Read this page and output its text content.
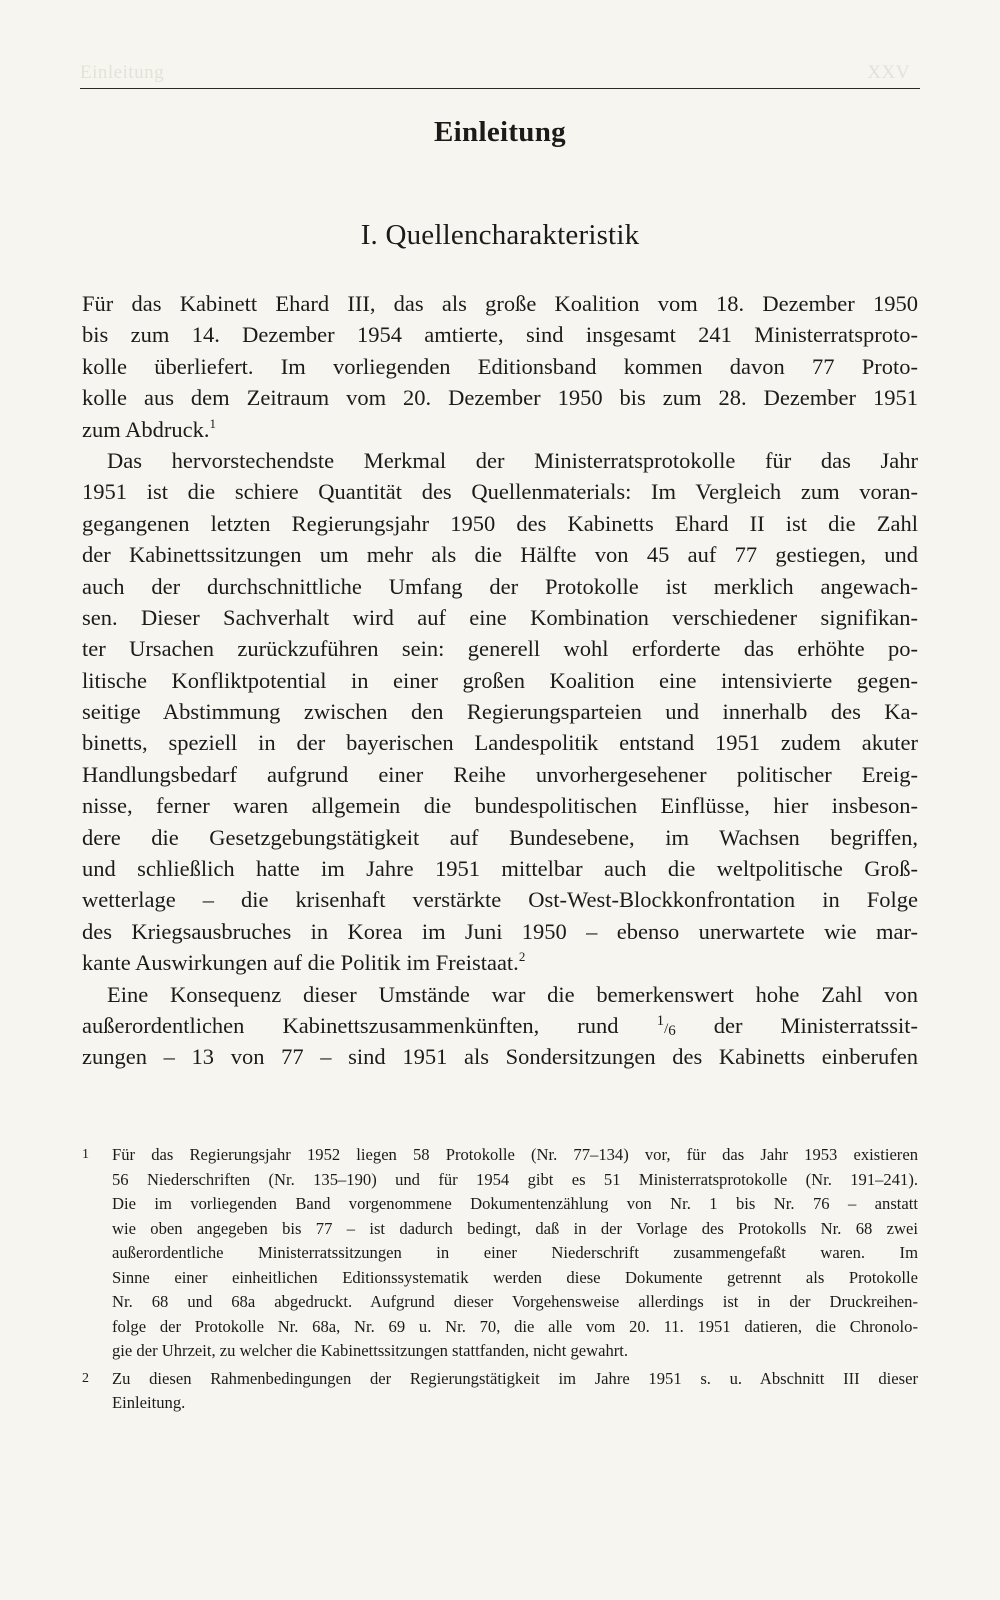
Einleitung	XXV
Einleitung
I. Quellencharakteristik
Für das Kabinett Ehard III, das als große Koalition vom 18. Dezember 1950
bis zum 14. Dezember 1954 amtierte, sind insgesamt 241 Ministerratsproto-
kolle überliefert. Im vorliegenden Editionsband kommen davon 77 Proto-
kolle aus dem Zeitraum vom 20. Dezember 1950 bis zum 28. Dezember 1951
zum Abdruck.$^1$
Das hervorstechendste Merkmal der Ministerratsprotokolle für das Jahr
1951 ist die schiere Quantität des Quellenmaterials: Im Vergleich zum voran-
gegangenen letzten Regierungsjahr 1950 des Kabinetts Ehard II ist die Zahl
der Kabinettssitzungen um mehr als die Hälfte von 45 auf 77 gestiegen, und
auch der durchschnittliche Umfang der Protokolle ist merklich angewach-
sen. Dieser Sachverhalt wird auf eine Kombination verschiedener signifikan-
ter Ursachen zurückzuführen sein: generell wohl erforderte das erhöhte po-
litische Konfliktpotential in einer großen Koalition eine intensivierte gegen-
seitige Abstimmung zwischen den Regierungsparteien und innerhalb des Ka-
binetts, speziell in der bayerischen Landespolitik entstand 1951 zudem akuter
Handlungsbedarf aufgrund einer Reihe unvorhergesehener politischer Ereig-
nisse, ferner waren allgemein die bundespolitischen Einflüsse, hier insbeson-
dere die Gesetzgebungstätigkeit auf Bundesebene, im Wachsen begriffen,
und schließlich hatte im Jahre 1951 mittelbar auch die weltpolitische Groß-
wetterlage – die krisenhaft verstärkte Ost-West-Blockkonfrontation in Folge
des Kriegsausbruches in Korea im Juni 1950 – ebenso unerwartete wie mar-
kante Auswirkungen auf die Politik im Freistaat.$^2$
Eine Konsequenz dieser Umstände war die bemerkenswert hohe Zahl von
außerordentlichen Kabinettszusammenkünften, rund	1/6 der Ministerratssit-
zungen – 13 von 77 – sind 1951 als Sondersitzungen des Kabinetts einberufen
1 Für das Regierungsjahr 1952 liegen 58 Protokolle (Nr. 77–134) vor, für das Jahr 1953 existieren
56 Niederschriften (Nr. 135–190) und für 1954 gibt es 51 Ministerratsprotokolle (Nr. 191–241).
Die im vorliegenden Band vorgenommene Dokumentenzählung von Nr. 1 bis Nr. 76 – anstatt
wie oben angegeben bis 77 – ist dadurch bedingt, daß in der Vorlage des Protokolls Nr. 68 zwei
außerordentliche Ministerratssitzungen in einer Niederschrift zusammengefaßt waren. Im
Sinne einer einheitlichen Editionssystematik werden diese Dokumente getrennt als Protokolle
Nr. 68 und 68a abgedruckt. Aufgrund dieser Vorgehensweise allerdings ist in der Druckreihen-
folge der Protokolle Nr. 68a, Nr. 69 u. Nr. 70, die alle vom 20. 11. 1951 datieren, die Chronolo-
gie der Uhrzeit, zu welcher die Kabinettssitzungen stattfanden, nicht gewahrt.
2 Zu diesen Rahmenbedingungen der Regierungstätigkeit im Jahre 1951 s. u. Abschnitt III dieser
Einleitung.
